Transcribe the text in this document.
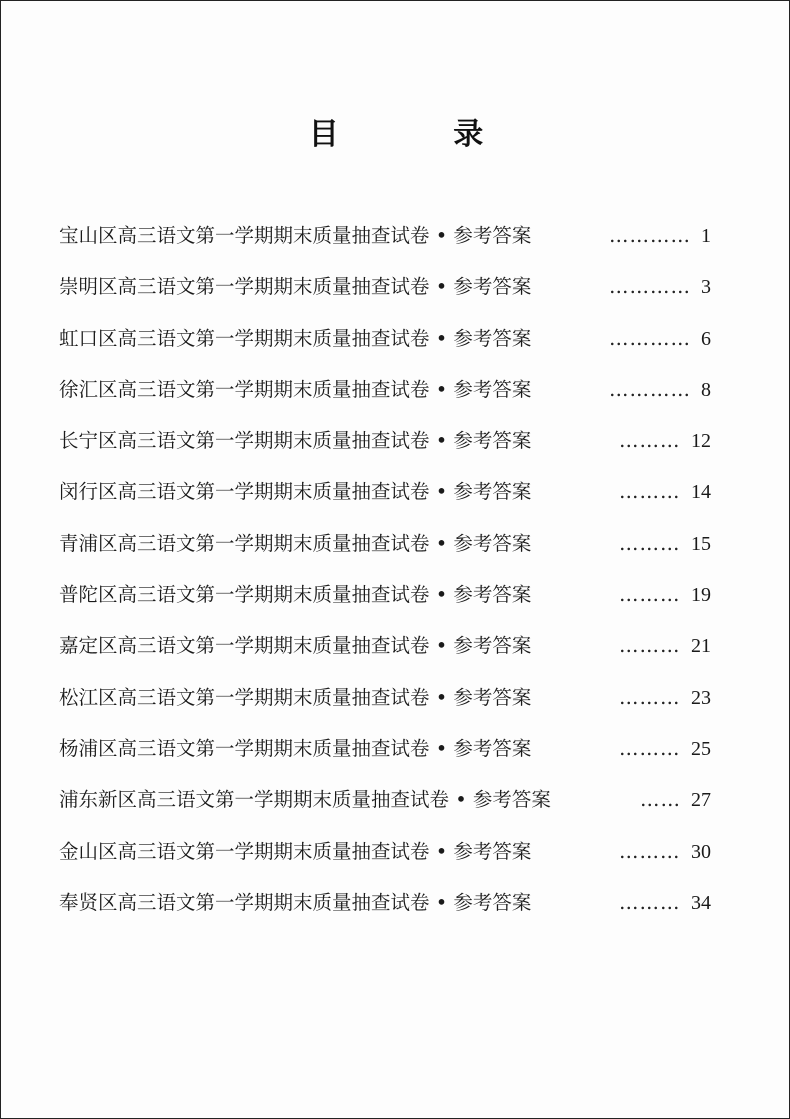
目 录
宝山区高三语文第一学期期末质量抽查试卷 • 参考答案	………… 1
崇明区高三语文第一学期期末质量抽查试卷 • 参考答案	………… 3
虹口区高三语文第一学期期末质量抽查试卷 • 参考答案	………… 6
徐汇区高三语文第一学期期末质量抽查试卷 • 参考答案	………… 8
长宁区高三语文第一学期期末质量抽查试卷 • 参考答案	……… 12
闵行区高三语文第一学期期末质量抽查试卷 • 参考答案	……… 14
青浦区高三语文第一学期期末质量抽查试卷 • 参考答案	……… 15
普陀区高三语文第一学期期末质量抽查试卷 • 参考答案	……… 19
嘉定区高三语文第一学期期末质量抽查试卷 • 参考答案	……… 21
松江区高三语文第一学期期末质量抽查试卷 • 参考答案	……… 23
杨浦区高三语文第一学期期末质量抽查试卷 • 参考答案	……… 25
浦东新区高三语文第一学期期末质量抽查试卷 • 参考答案	…… 27
金山区高三语文第一学期期末质量抽查试卷 • 参考答案	……… 30
奉贤区高三语文第一学期期末质量抽查试卷 • 参考答案	……… 34
